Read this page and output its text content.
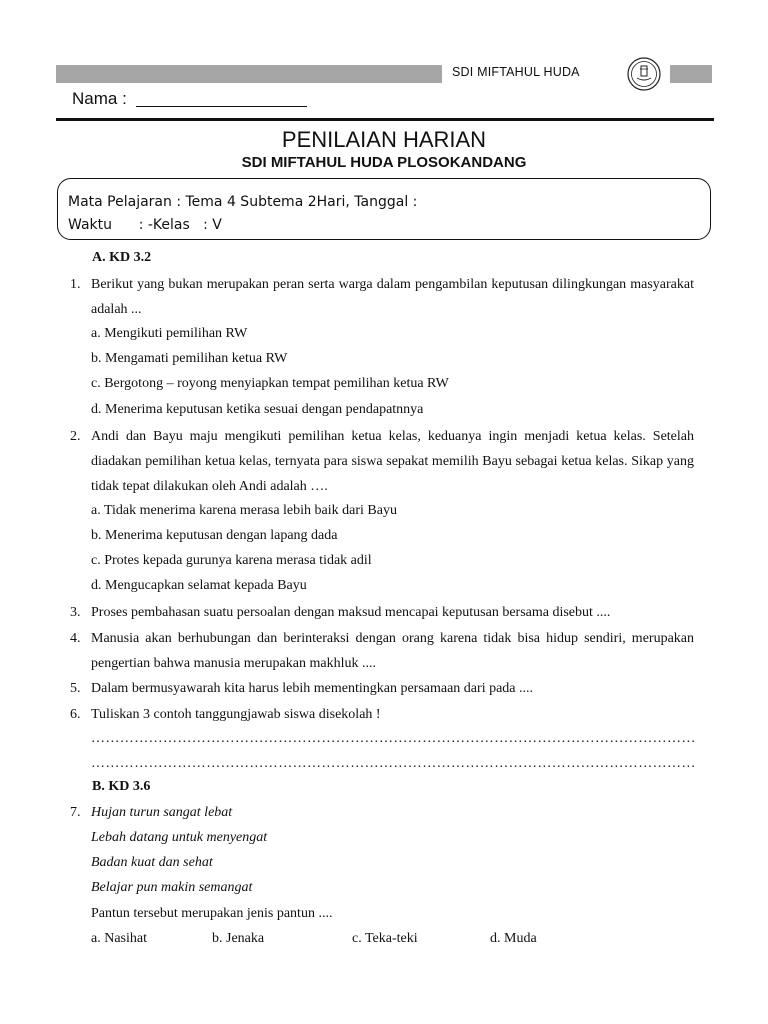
SDI MIFTAHUL HUDA
Nama :
PENILAIAN HARIAN
SDI MIFTAHUL HUDA PLOSOKANDANG
Mata Pelajaran : Tema 4 Subtema 2Hari, Tanggal :
Waktu      : -Kelas   : V
A. KD 3.2
1. Berikut yang bukan merupakan peran serta warga dalam pengambilan keputusan dilingkungan masyarakat adalah ...
a. Mengikuti pemilihan RW
b. Mengamati pemilihan ketua RW
c. Bergotong – royong menyiapkan tempat pemilihan ketua RW
d. Menerima keputusan ketika sesuai dengan pendapatnnya
2. Andi dan Bayu maju mengikuti pemilihan ketua kelas, keduanya ingin menjadi ketua kelas. Setelah diadakan pemilihan ketua kelas, ternyata para siswa sepakat memilih Bayu sebagai ketua kelas. Sikap yang tidak tepat dilakukan oleh Andi adalah ….
a. Tidak menerima karena merasa lebih baik dari Bayu
b. Menerima keputusan dengan lapang dada
c. Protes kepada gurunya karena merasa tidak adil
d. Mengucapkan selamat kepada Bayu
3. Proses pembahasan suatu persoalan dengan maksud mencapai keputusan bersama disebut ....
4. Manusia akan berhubungan dan berinteraksi dengan orang karena tidak bisa hidup sendiri, merupakan pengertian bahwa manusia merupakan makhluk ....
5. Dalam bermusyawarah kita harus lebih mementingkan persamaan dari pada ....
6. Tuliskan 3 contoh tanggungjawab siswa disekolah !
………………………………………………………………………………………………………………
………………………………………………………………………………………………………………
B. KD 3.6
7. Hujan turun sangat lebat
Lebah datang untuk menyengat
Badan kuat dan sehat
Belajar pun makin semangat
Pantun tersebut merupakan jenis pantun ....
a. Nasihat	b. Jenaka	c. Teka-teki	d. Muda
